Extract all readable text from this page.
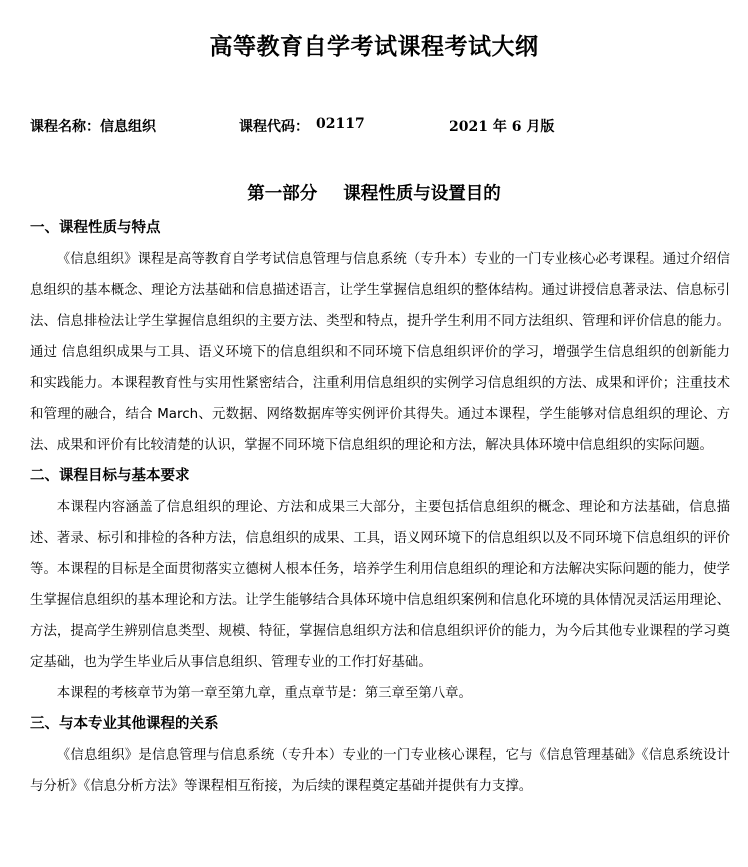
高等教育自学考试课程考试大纲
课程名称： 信息组织	课程代码： 02117	2021 年 6 月版
第一部分 课程性质与设置目的
一、课程性质与特点

《信息组织》课程是高等教育自学考试信息管理与信息系统（专升本）专业的一门专业核心必考课程。通过介绍信息组织的基本概念、理论方法基础和信息描述语言，让学生掌握信息组织的整体结构。通过讲授信息著录法、信息标引法、信息排检法让学生掌握信息组织的主要方法、类型和特点，提升学生利用不同方法组织、管理和评价信息的能力。通过 信息组织成果与工具、语义环境下的信息组织和不同环境下信息组织评价的学习，增强学生信息组织的创新能力和实践能力。本课程教育性与实用性紧密结合，注重利用信息组织的实例学习信息组织的方法、成果和评价；注重技术和管理的融合，结合 March、元数据、网络数据库等实例评价其得失。通过本课程，学生能够对信息组织的理论、方法、成果和评价有比较清楚的认识，掌握不同环境下信息组织的理论和方法，解决具体环境中信息组织的实际问题。

二、课程目标与基本要求

本课程内容涵盖了信息组织的理论、方法和成果三大部分，主要包括信息组织的概念、理论和方法基础，信息描述、著录、标引和排检的各种方法，信息组织的成果、工具，语义网环境下的信息组织以及不同环境下信息组织的评价等。本课程的目标是全面贯彻落实立德树人根本任务，培养学生利用信息组织的理论和方法解决实际问题的能力，使学生掌握信息组织的基本理论和方法。让学生能够结合具体环境中信息组织案例和信息化环境的具体情况灵活运用理论、方法，提高学生辨别信息类型、规模、特征，掌握信息组织方法和信息组织评价的能力，为今后其他专业课程的学习奠定基础，也为学生毕业后从事信息组织、管理专业的工作打好基础。

本课程的考核章节为第一章至第九章，重点章节是：第三章至第八章。

三、与本专业其他课程的关系

《信息组织》是信息管理与信息系统（专升本）专业的一门专业核心课程，它与《信息管理基础》《信息系统设计与分析》《信息分析方法》等课程相互衔接，为后续的课程奠定基础并提供有力支撑。
